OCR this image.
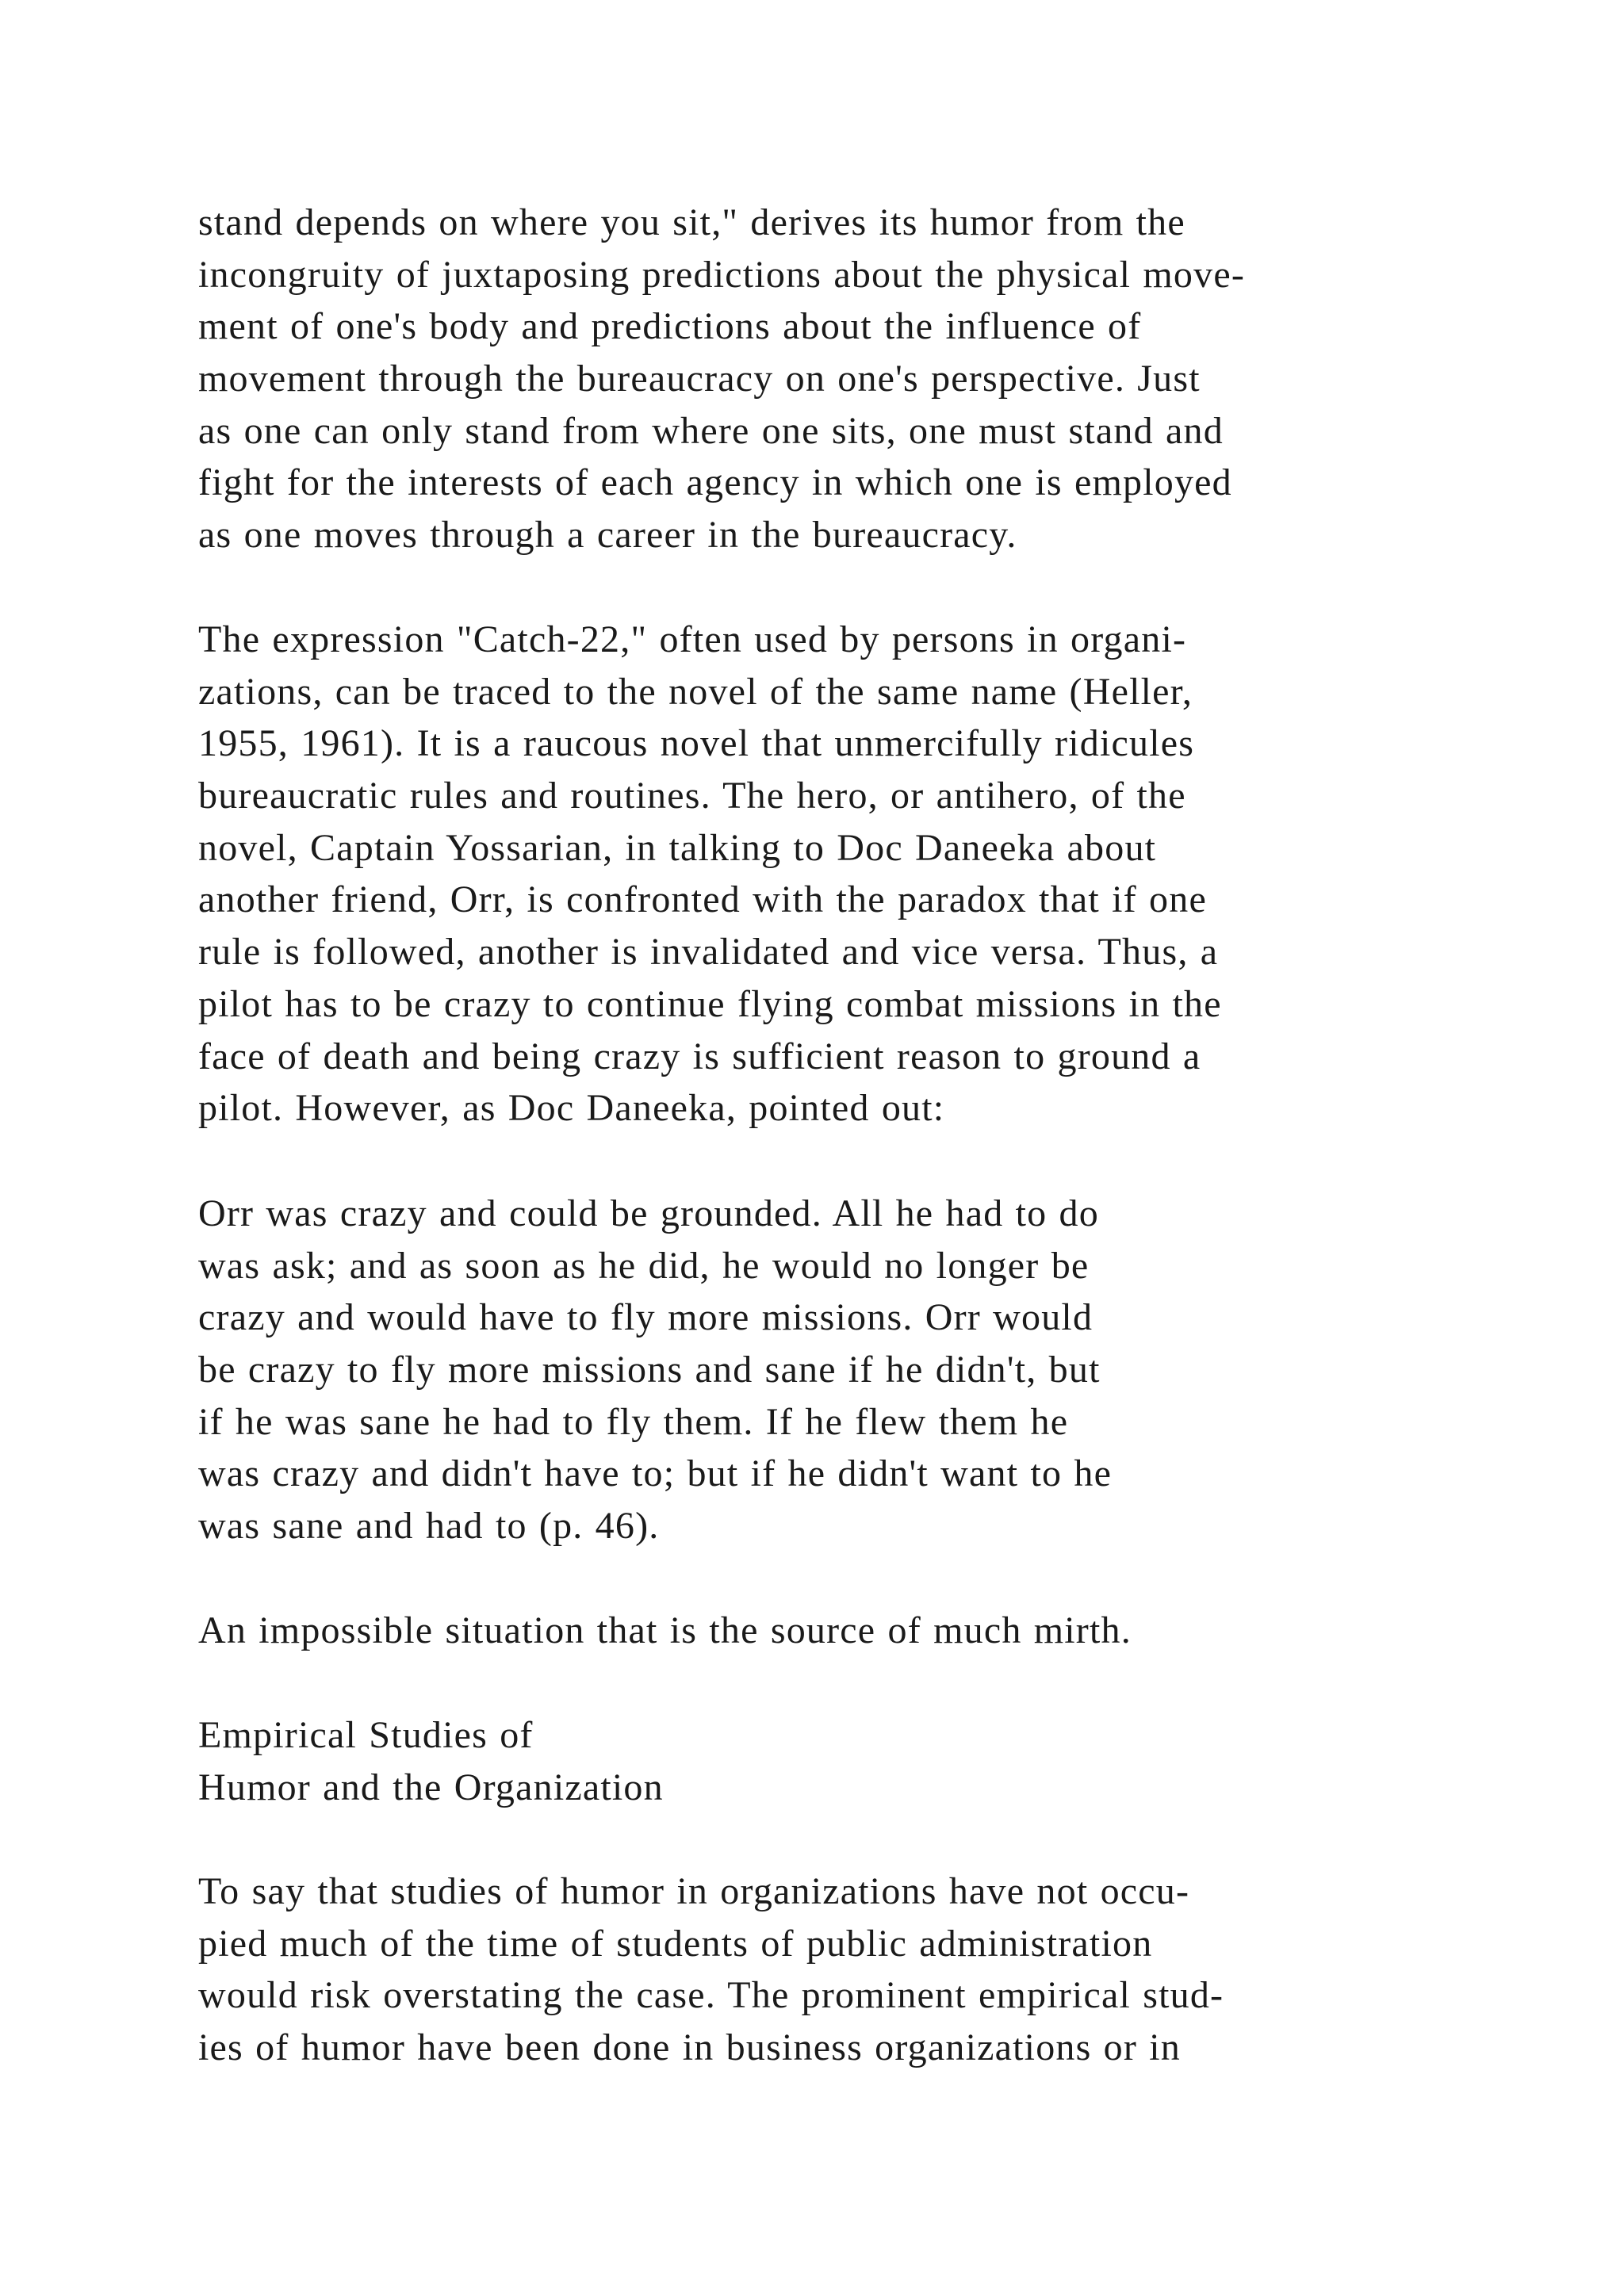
stand depends on where you sit," derives its humor from the
incongruity of juxtaposing predictions about the physical move-
ment of one's body and predictions about the influence of
movement through the bureaucracy on one's perspective. Just
as one can only stand from where one sits, one must stand and
fight for the interests of each agency in which one is employed
as one moves through a career in the bureaucracy.
The expression "Catch-22," often used by persons in organi-
zations, can be traced to the novel of the same name (Heller,
1955, 1961). It is a raucous novel that unmercifully ridicules
bureaucratic rules and routines. The hero, or antihero, of the
novel, Captain Yossarian, in talking to Doc Daneeka about
another friend, Orr, is confronted with the paradox that if one
rule is followed, another is invalidated and vice versa. Thus, a
pilot has to be crazy to continue flying combat missions in the
face of death and being crazy is sufficient reason to ground a
pilot. However, as Doc Daneeka, pointed out:
Orr was crazy and could be grounded. All he had to do
was ask; and as soon as he did, he would no longer be
crazy and would have to fly more missions. Orr would
be crazy to fly more missions and sane if he didn't, but
if he was sane he had to fly them. If he flew them he
was crazy and didn't have to; but if he didn't want to he
was sane and had to (p. 46).
An impossible situation that is the source of much mirth.
Empirical Studies of
Humor and the Organization
To say that studies of humor in organizations have not occu-
pied much of the time of students of public administration
would risk overstating the case. The prominent empirical stud-
ies of humor have been done in business organizations or in
